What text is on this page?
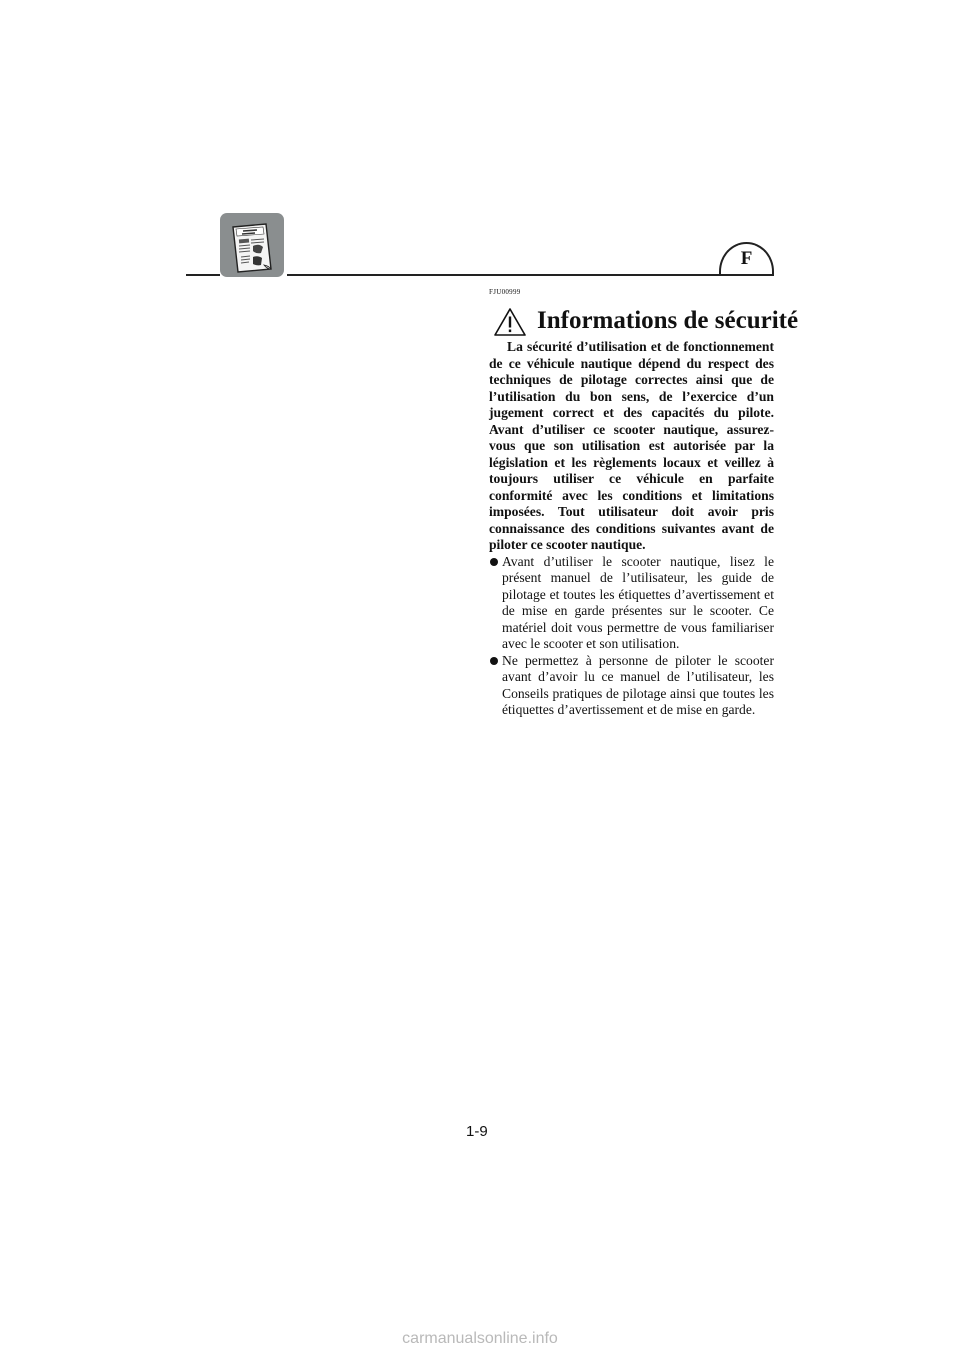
F
FJU00999
Informations de sécurité

La sécurité d’utilisation et de fonctionnement de ce véhicule nautique dépend du respect des techniques de pilotage correctes ainsi que de l’utilisation du bon sens, de l’exercice d’un jugement correct et des capacités du pilote. Avant d’utiliser ce scooter nautique, assurez-vous que son utilisation est autorisée par la législation et les règlements locaux et veillez à toujours utiliser ce véhicule en parfaite conformité avec les conditions et limitations imposées. Tout utilisateur doit avoir pris connaissance des conditions suivantes avant de piloter ce scooter nautique.

Avant d’utiliser le scooter nautique, lisez le présent manuel de l’utilisateur, les guide de pilotage et toutes les étiquettes d’avertissement et de mise en garde présentes sur le scooter. Ce matériel doit vous permettre de vous familiariser avec le scooter et son utilisation.
Ne permettez à personne de piloter le scooter avant d’avoir lu ce manuel de l’utilisateur, les Conseils pratiques de pilotage ainsi que toutes les étiquettes d’avertissement et de mise en garde.
1-9
carmanualsonline.info
